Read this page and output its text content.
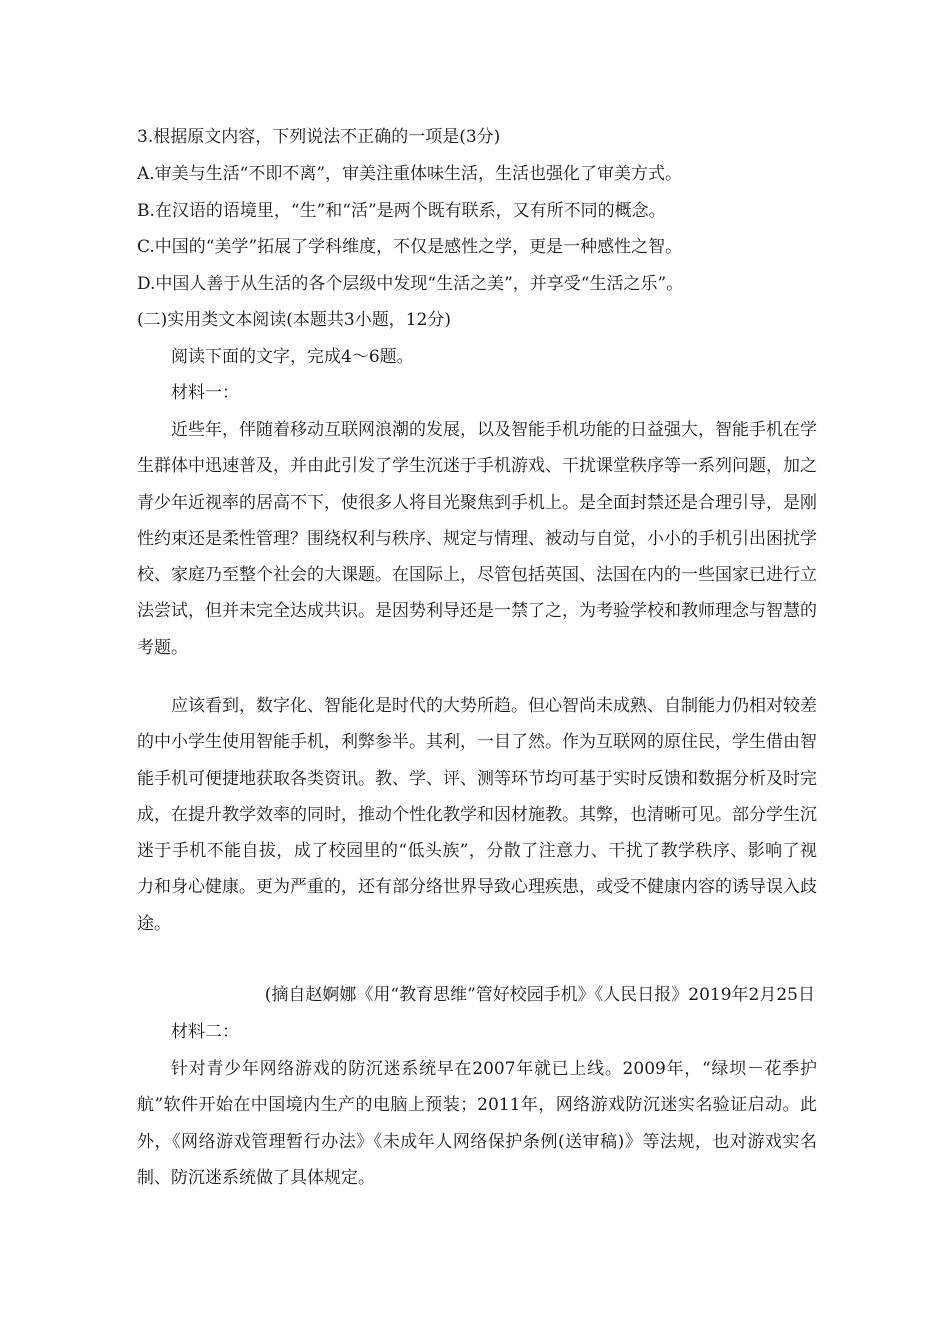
3.根据原文内容，下列说法不正确的一项是(3分)
A.审美与生活“不即不离”，审美注重体味生活，生活也强化了审美方式。
B.在汉语的语境里，“生”和“活”是两个既有联系，又有所不同的概念。
C.中国的“美学”拓展了学科维度，不仅是感性之学，更是一种感性之智。
D.中国人善于从生活的各个层级中发现“生活之美”，并享受“生活之乐”。
(二)实用类文本阅读(本题共3小题，12分)
阅读下面的文字，完成4～6题。
材料一：

近些年，伴随着移动互联网浪潮的发展，以及智能手机功能的日益强大，智能手机在学生群体中迅速普及，并由此引发了学生沉迷于手机游戏、干扰课堂秩序等一系列问题，加之青少年近视率的居高不下，使很多人将目光聚焦到手机上。是全面封禁还是合理引导，是刚性约束还是柔性管理？围绕权利与秩序、规定与情理、被动与自觉，小小的手机引出困扰学校、家庭乃至整个社会的大课题。在国际上，尽管包括英国、法国在内的一些国家已进行立法尝试，但并未完全达成共识。是因势利导还是一禁了之，为考验学校和教师理念与智慧的考题。

应该看到，数字化、智能化是时代的大势所趋。但心智尚未成熟、自制能力仍相对较差的中小学生使用智能手机，利弊参半。其利，一目了然。作为互联网的原住民，学生借由智能手机可便捷地获取各类资讯。教、学、评、测等环节均可基于实时反馈和数据分析及时完成，在提升教学效率的同时，推动个性化教学和因材施教。其弊，也清晰可见。部分学生沉迷于手机不能自拔，成了校园里的“低头族”，分散了注意力、干扰了教学秩序、影响了视力和身心健康。更为严重的，还有部分络世界导致心理疾患，或受不健康内容的诱导误入歧途。

(摘自赵婀娜《用“教育思维”管好校园手机》《人民日报》2019年2月25日
材料二：

针对青少年网络游戏的防沉迷系统早在2007年就已上线。2009年，“绿坝－花季护航”软件开始在中国境内生产的电脑上预装；2011年，网络游戏防沉迷实名验证启动。此外，《网络游戏管理暂行办法》《未成年人网络保护条例(送审稿)》等法规，也对游戏实名制、防沉迷系统做了具体规定。
